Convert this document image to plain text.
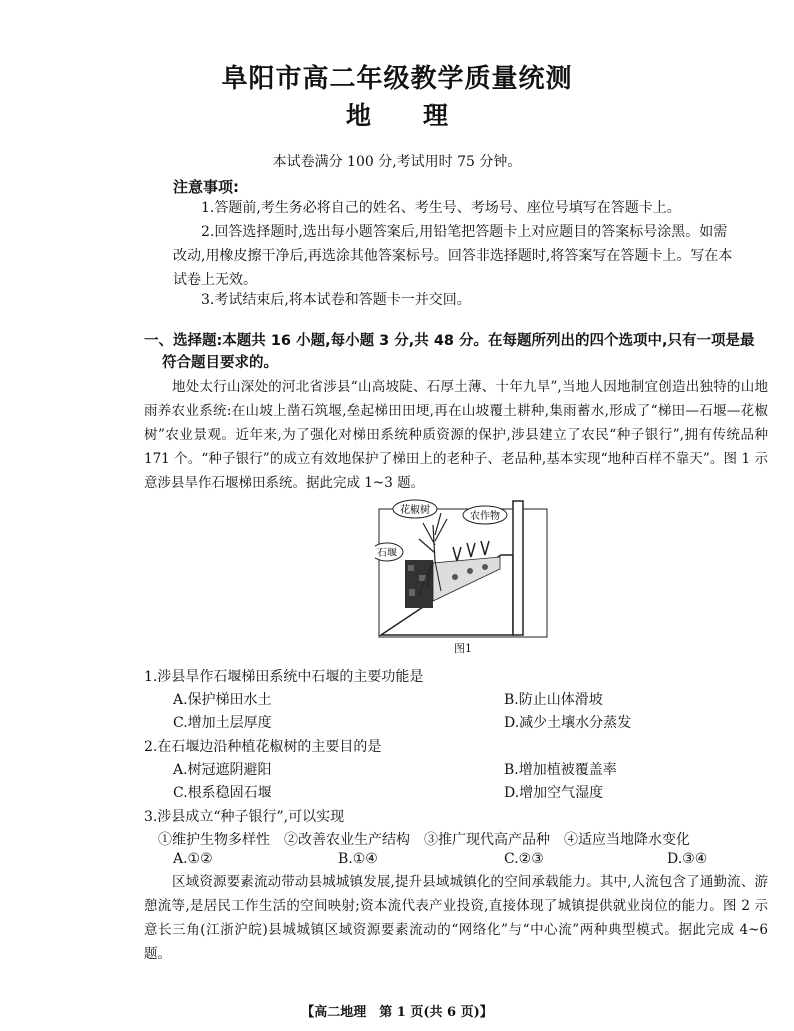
阜阳市高二年级教学质量统测
地理
本试卷满分 100 分,考试用时 75 分钟。
注意事项:
1.答题前,考生务必将自己的姓名、考生号、考场号、座位号填写在答题卡上。
2.回答选择题时,选出每小题答案后,用铅笔把答题卡上对应题目的答案标号涂黑。如需改动,用橡皮擦干净后,再选涂其他答案标号。回答非选择题时,将答案写在答题卡上。写在本试卷上无效。
3.考试结束后,将本试卷和答题卡一并交回。
一、选择题:本题共 16 小题,每小题 3 分,共 48 分。在每题所列出的四个选项中,只有一项是最
符合题目要求的。
地处太行山深处的河北省涉县“山高坡陡、石厚土薄、十年九旱”,当地人因地制宜创造出独特的山地雨养农业系统:在山坡上凿石筑堰,垒起梯田田埂,再在山坡覆土耕种,集雨蓄水,形成了“梯田—石堰—花椒树”农业景观。近年来,为了强化对梯田系统种质资源的保护,涉县建立了农民“种子银行”,拥有传统品种 171 个。“种子银行”的成立有效地保护了梯田上的老种子、老品种,基本实现“地种百样不靠天”。图 1 示意涉县旱作石堰梯田系统。据此完成 1~3 题。
花椒树
农作物
石堰
图1
1.涉县旱作石堰梯田系统中石堰的主要功能是
A.保护梯田水土	B.防止山体滑坡
C.增加土层厚度	D.减少土壤水分蒸发
2.在石堰边沿种植花椒树的主要目的是
A.树冠遮阴避阳	B.增加植被覆盖率
C.根系稳固石堰	D.增加空气湿度
3.涉县成立“种子银行”,可以实现
①维护生物多样性　②改善农业生产结构　③推广现代高产品种　④适应当地降水变化
A.①②	B.①④	C.②③	D.③④
区域资源要素流动带动县城城镇发展,提升县域城镇化的空间承载能力。其中,人流包含了通勤流、游憩流等,是居民工作生活的空间映射;资本流代表产业投资,直接体现了城镇提供就业岗位的能力。图 2 示意长三角(江浙沪皖)县城城镇区域资源要素流动的“网络化”与“中心流”两种典型模式。据此完成 4~6 题。
【高二地理　第 1 页(共 6 页)】
